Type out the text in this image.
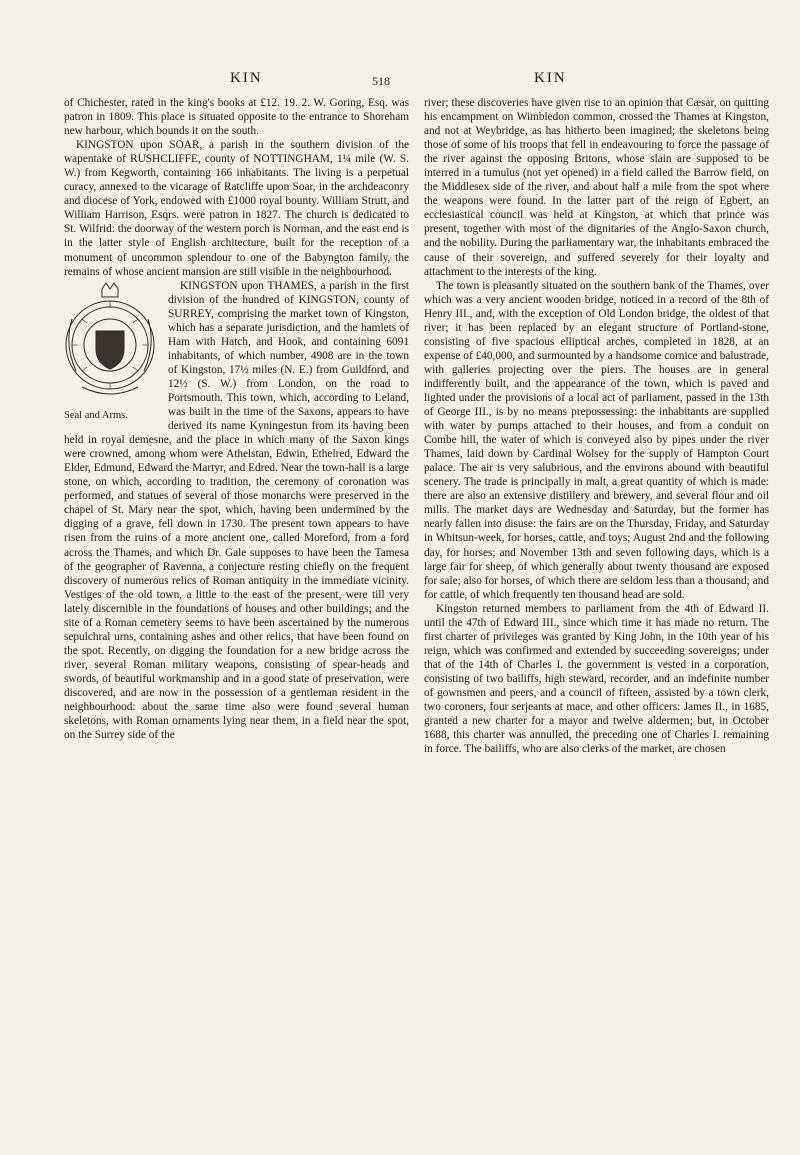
KIN	518	KIN

of Chichester, rated in the king's books at £12. 19. 2. W. Goring, Esq. was patron in 1809. This place is situated opposite to the entrance to Shoreham new harbour, which bounds it on the south.

KINGSTON upon SOAR, a parish in the southern division of the wapentake of RUSHCLIFFE, county of NOTTINGHAM, 1¼ mile (W. S. W.) from Kegworth, containing 166 inhabitants. The living is a perpetual curacy, annexed to the vicarage of Ratcliffe upon Soar, in the archdeaconry and diocese of York, endowed with £1000 royal bounty. William Strutt, and William Harrison, Esqrs. were patron in 1827. The church is dedicated to St. Wilfrid: the doorway of the western porch is Norman, and the east end is in the latter style of English architecture, built for the reception of a monument of uncommon splendour to one of the Babyngton family, the remains of whose ancient mansion are still visible in the neighbourhood.

Seal and Arms.

KINGSTON upon THAMES, a parish in the first division of the hundred of KINGSTON, county of SURREY, comprising the market town of Kingston, which has a separate jurisdiction, and the hamlets of Ham with Hatch, and Hook, and containing 6091 inhabitants, of which number, 4908 are in the town of Kingston, 17½ miles (N. E.) from Guildford, and 12½ (S. W.) from London, on the road to Portsmouth. This town, which, according to Leland, was built in the time of the Saxons, appears to have derived its name Kyningestun from its having been held in royal demesne, and the place in which many of the Saxon kings were crowned, among whom were Athelstan, Edwin, Ethelred, Edward the Elder, Edmund, Edward the Martyr, and Edred. Near the town-hall is a large stone, on which, according to tradition, the ceremony of coronation was performed, and statues of several of those monarchs were preserved in the chapel of St. Mary near the spot, which, having been undermined by the digging of a grave, fell down in 1730. The present town appears to have risen from the ruins of a more ancient one, called Moreford, from a ford across the Thames, and which Dr. Gale supposes to have been the Tamesa of the geographer of Ravenna, a conjecture resting chiefly on the frequent discovery of numerous relics of Roman antiquity in the immediate vicinity. Vestiges of the old town, a little to the east of the present, were till very lately discernible in the foundations of houses and other buildings; and the site of a Roman cemetery seems to have been ascertained by the numerous sepulchral urns, containing ashes and other relics, that have been found on the spot. Recently, on digging the foundation for a new bridge across the river, several Roman military weapons, consisting of spear-heads and swords, of beautiful workmanship and in a good state of preservation, were discovered, and are now in the possession of a gentleman resident in the neighbourhood: about the same time also were found several human skeletons, with Roman ornaments lying near them, in a field near the spot, on the Surrey side of the

river; these discoveries have given rise to an opinion that Cæsar, on quitting his encampment on Wimbledon common, crossed the Thames at Kingston, and not at Weybridge, as has hitherto been imagined; the skeletons being those of some of his troops that fell in endeavouring to force the passage of the river against the opposing Britons, whose slain are supposed to be interred in a tumulus (not yet opened) in a field called the Barrow field, on the Middlesex side of the river, and about half a mile from the spot where the weapons were found. In the latter part of the reign of Egbert, an ecclesiastical council was held at Kingston, at which that prince was present, together with most of the dignitaries of the Anglo-Saxon church, and the nobility. During the parliamentary war, the inhabitants embraced the cause of their sovereign, and suffered severely for their loyalty and attachment to the interests of the king.

The town is pleasantly situated on the southern bank of the Thames, over which was a very ancient wooden bridge, noticed in a record of the 8th of Henry III., and, with the exception of Old London bridge, the oldest of that river; it has been replaced by an elegant structure of Portland-stone, consisting of five spacious elliptical arches, completed in 1828, at an expense of £40,000, and surmounted by a handsome cornice and balustrade, with galleries projecting over the piers. The houses are in general indifferently built, and the appearance of the town, which is paved and lighted under the provisions of a local act of parliament, passed in the 13th of George III., is by no means prepossessing: the inhabitants are supplied with water by pumps attached to their houses, and from a conduit on Combe hill, the water of which is conveyed also by pipes under the river Thames, laid down by Cardinal Wolsey for the supply of Hampton Court palace. The air is very salubrious, and the environs abound with beautiful scenery. The trade is principally in malt, a great quantity of which is made: there are also an extensive distillery and brewery, and several flour and oil mills. The market days are Wednesday and Saturday, but the former has nearly fallen into disuse: the fairs are on the Thursday, Friday, and Saturday in Whitsun-week, for horses, cattle, and toys; August 2nd and the following day, for horses; and November 13th and seven following days, which is a large fair for sheep, of which generally about twenty thousand are exposed for sale; also for horses, of which there are seldom less than a thousand; and for cattle, of which frequently ten thousand head are sold.

Kingston returned members to parliament from the 4th of Edward II. until the 47th of Edward III., since which time it has made no return. The first charter of privileges was granted by King John, in the 10th year of his reign, which was confirmed and extended by succeeding sovereigns; under that of the 14th of Charles I. the government is vested in a corporation, consisting of two bailiffs, high steward, recorder, and an indefinite number of gownsmen and peers, and a council of fifteen, assisted by a town clerk, two coroners, four serjeants at mace, and other officers: James II., in 1685, granted a new charter for a mayor and twelve aldermen; but, in October 1688, this charter was annulled, the preceding one of Charles I. remaining in force. The bailiffs, who are also clerks of the market, are chosen
